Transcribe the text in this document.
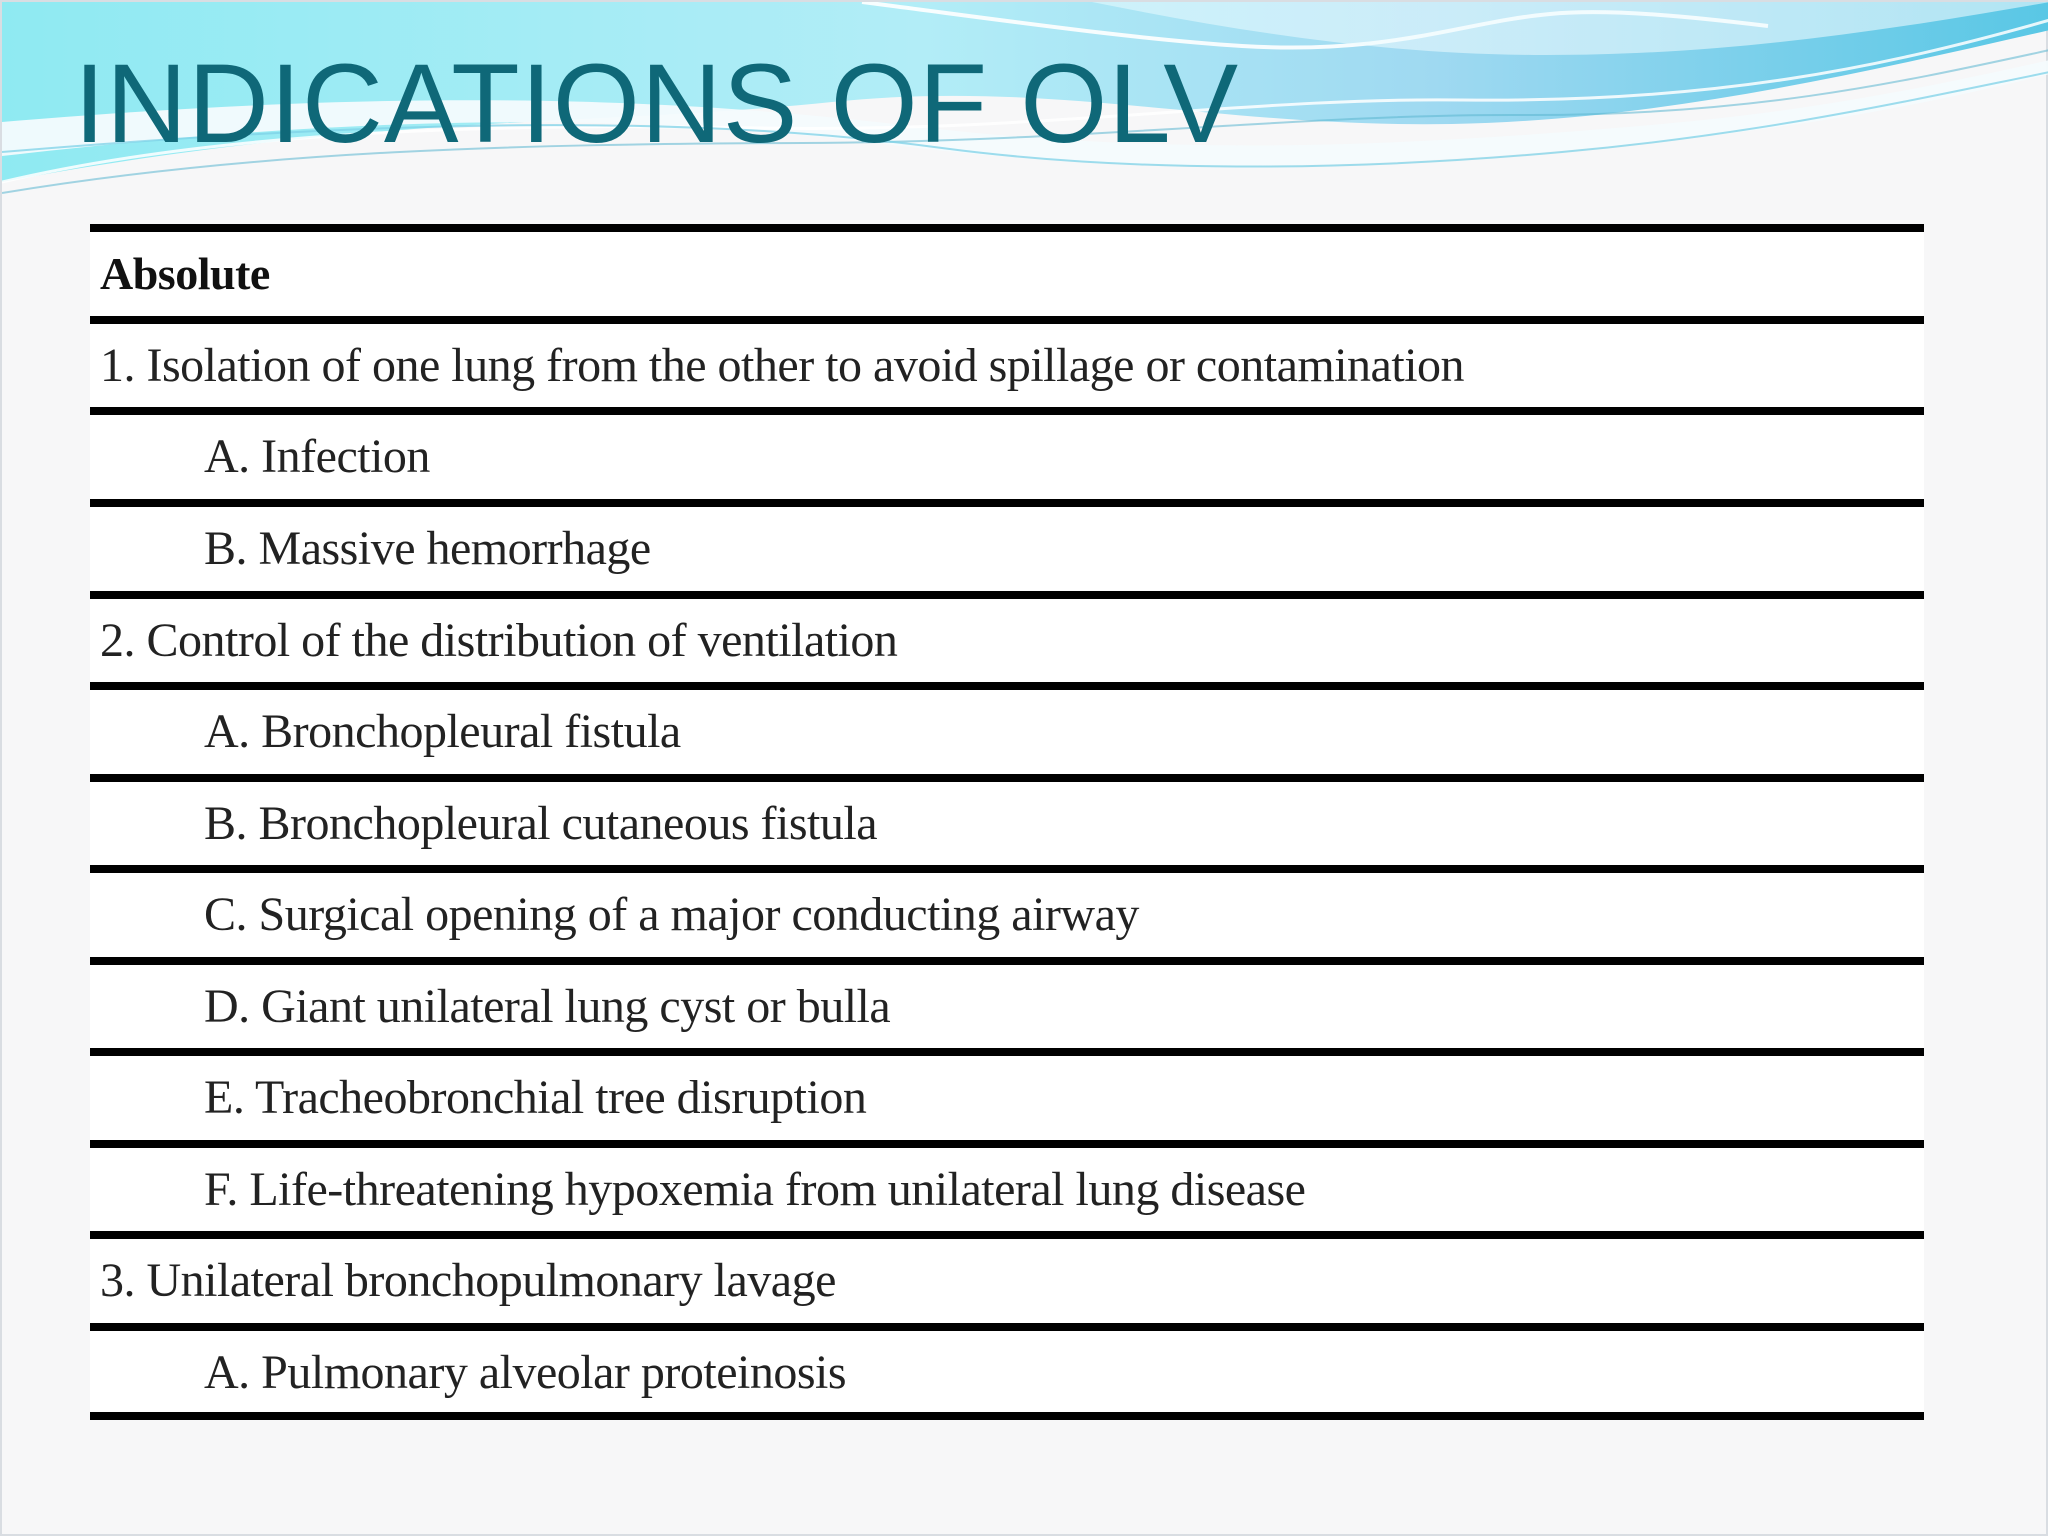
INDICATIONS OF OLV
Absolute
1. Isolation of one lung from the other to avoid spillage or contamination
A. Infection
B. Massive hemorrhage
2. Control of the distribution of ventilation
A. Bronchopleural fistula
B. Bronchopleural cutaneous fistula
C. Surgical opening of a major conducting airway
D. Giant unilateral lung cyst or bulla
E. Tracheobronchial tree disruption
F. Life-threatening hypoxemia from unilateral lung disease
3. Unilateral bronchopulmonary lavage
A. Pulmonary alveolar proteinosis
